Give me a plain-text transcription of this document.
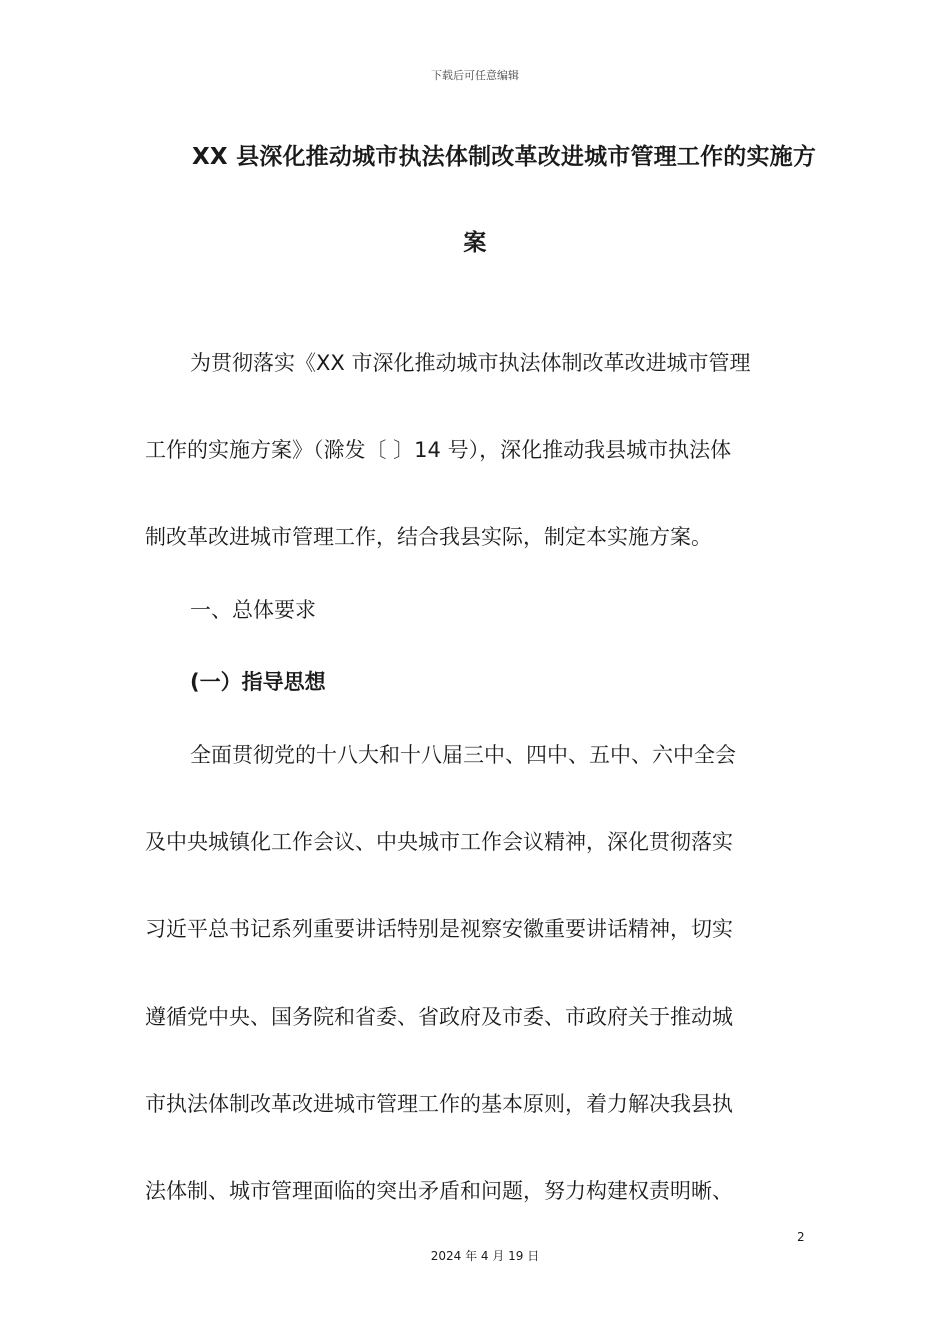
下载后可任意编辑
XX 县深化推动城市执法体制改革改进城市管理工作的实施方
案
为贯彻落实《XX 市深化推动城市执法体制改革改进城市管理
工作的实施方案》（滁发〔 〕14 号），深化推动我县城市执法体
制改革改进城市管理工作，结合我县实际，制定本实施方案。
一、总体要求
(一）指导思想
全面贯彻党的十八大和十八届三中、四中、五中、六中全会
及中央城镇化工作会议、中央城市工作会议精神，深化贯彻落实
习近平总书记系列重要讲话特别是视察安徽重要讲话精神，切实
遵循党中央、国务院和省委、省政府及市委、市政府关于推动城
市执法体制改革改进城市管理工作的基本原则，着力解决我县执
法体制、城市管理面临的突出矛盾和问题，努力构建权责明晰、
2
2024 年 4 月 19 日
